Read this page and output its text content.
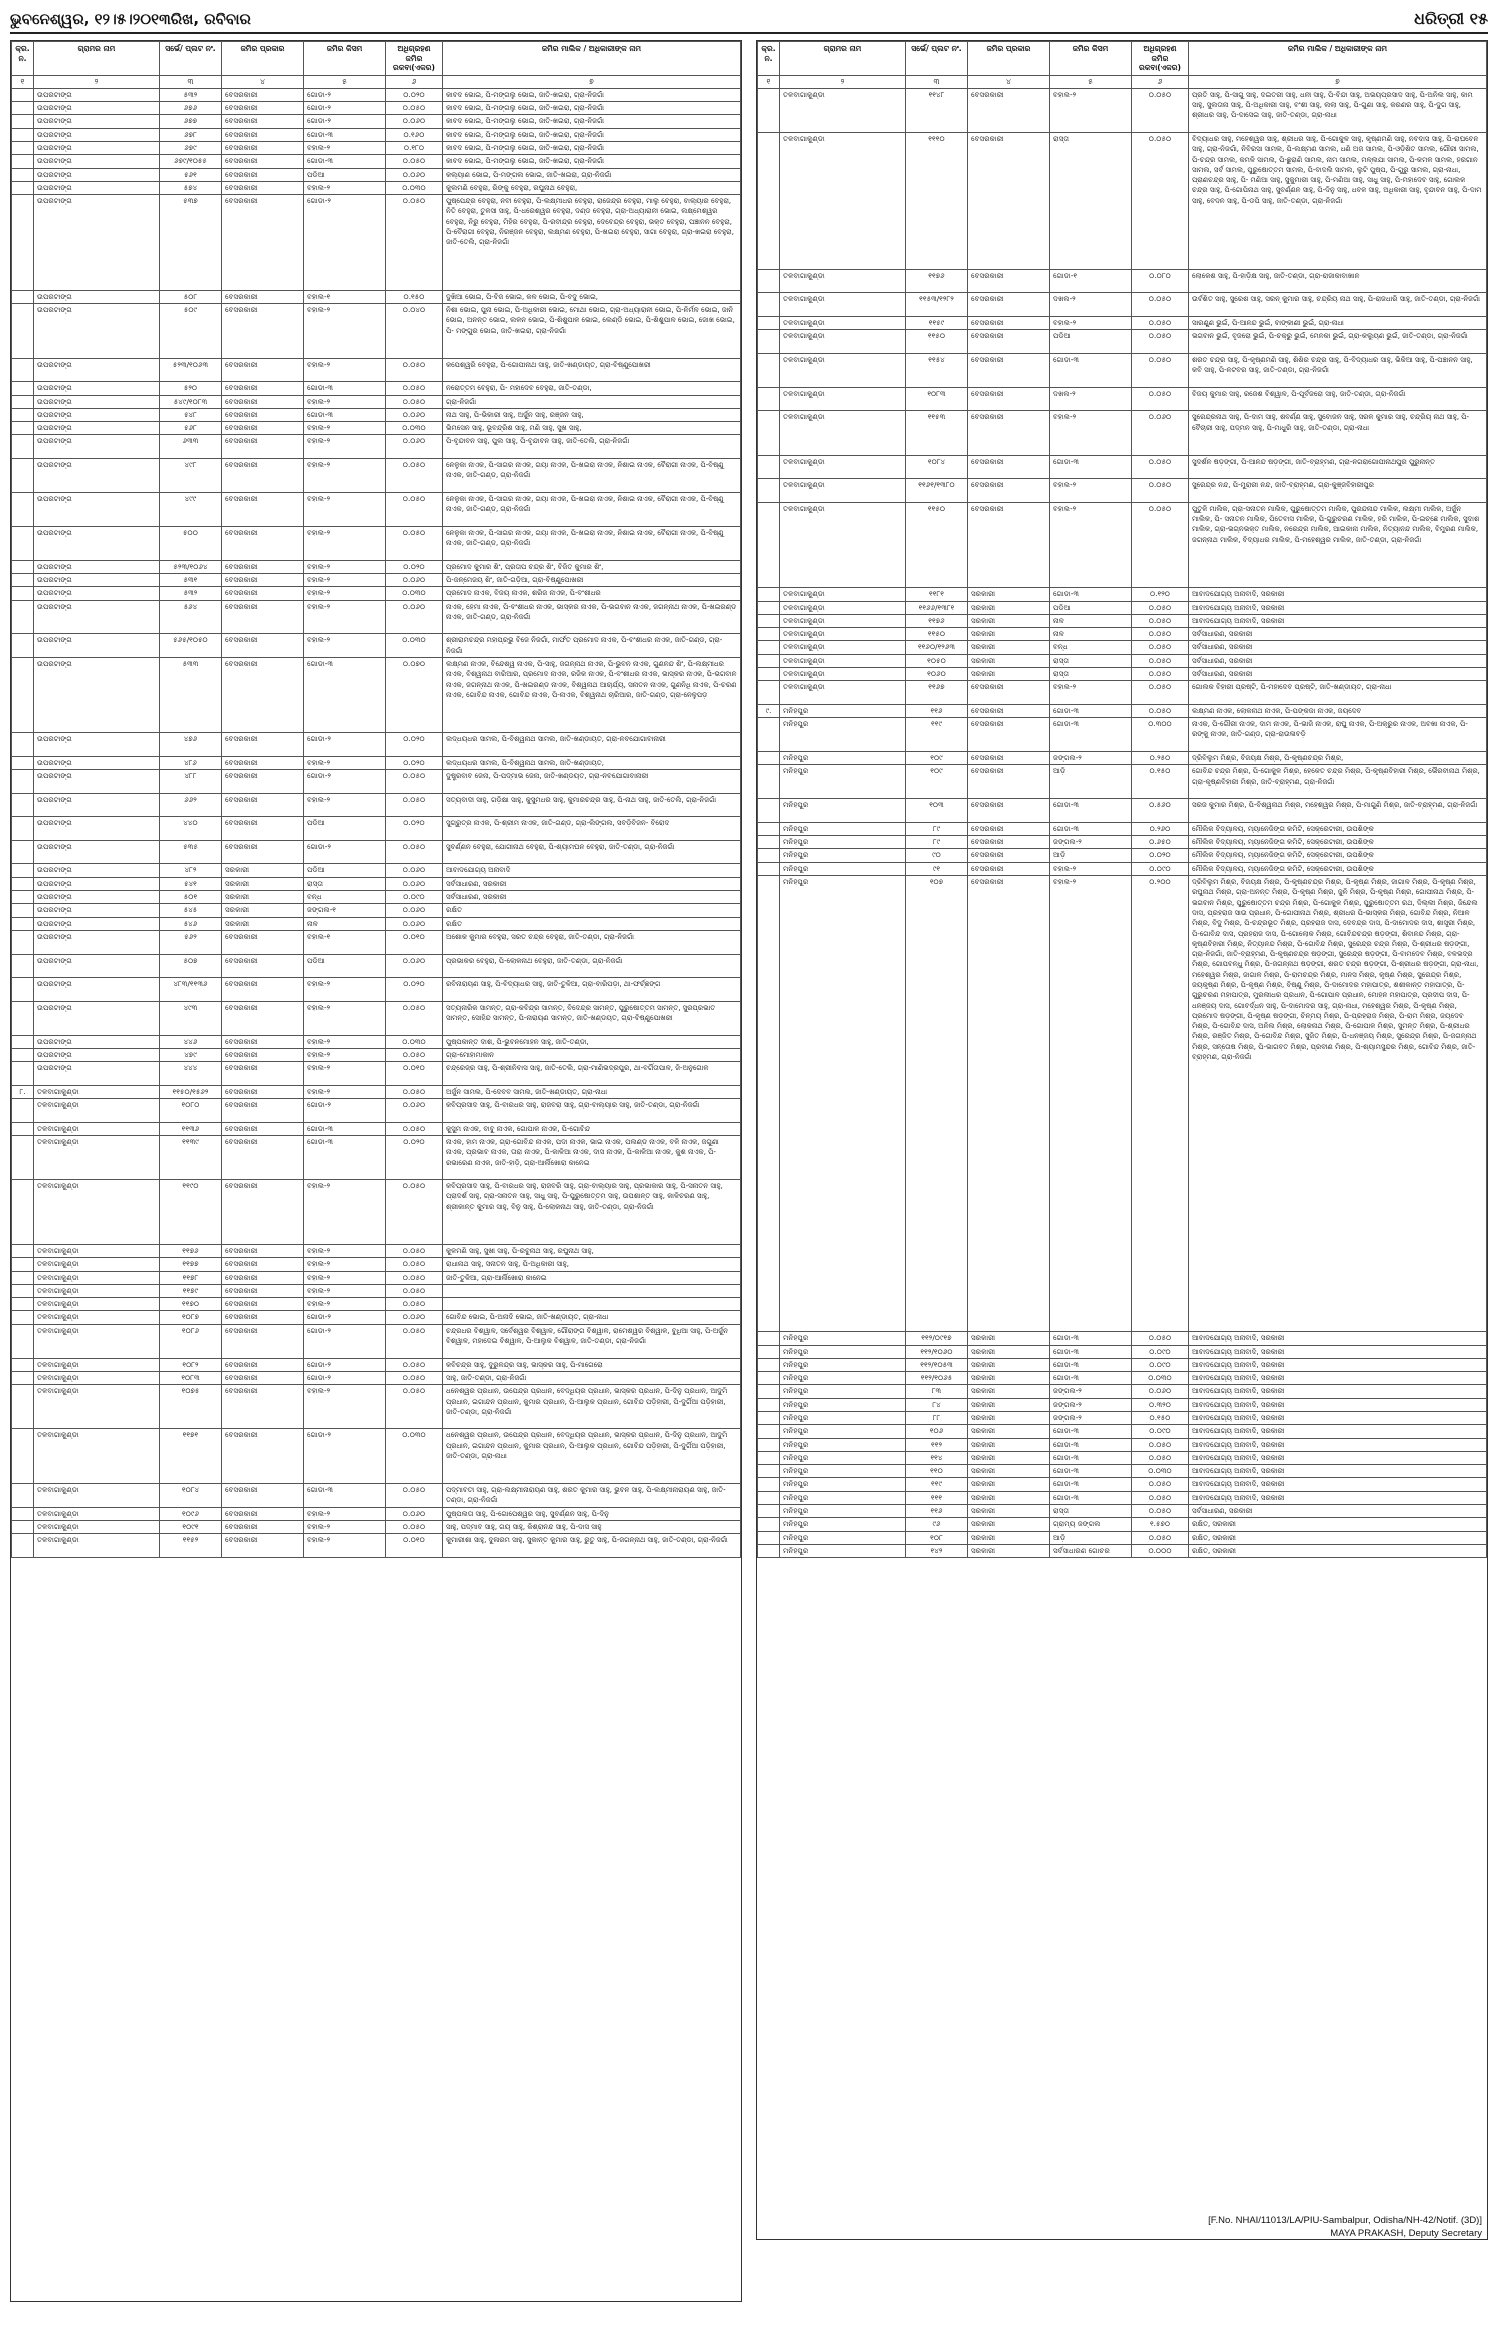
ଭୁବନେଶ୍ୱର, ୧୨।୫।୨୦୧୩ରିଖ, ରବିବାର	ଧରିତ୍ରୀ ୧୫
କ୍ର. ନ.	ଗ୍ରାମର ନାମ	ସର୍ଭେ/ ପ୍ଲଟ ନଂ.	ଜମିର ପ୍ରକାର	ଜମିର କିସମ	ଅଧିଗ୍ରହଣ ଜମିର ରକବା(ଏକର)	ଜମିର ମାଲିକ / ଅଧିକାରୀଙ୍କ ନାମ
୧	୨	୩	୪	୫	୬	୭
	ଉପରଟାଙ୍ଗ	୫୩୨	ବେସରକାରୀ	ଗୋଡା-୨	୦.୦୨୦	କାବଦ ଭୋଇ, ପି-ମଙ୍ଗଲୁ ଭୋଇ, ଜାତି-ଖଇରା, ଗ୍ରା-ନିଜଗାଁ
	ଉପରଟାଙ୍ଗ	୬୭୬	ବେସରକାରୀ	ଗୋଡା-୨	୦.୦୫୦	କାବଦ ଭୋଇ, ପି-ମଙ୍ଗଲୁ ଭୋଇ, ଜାତି-ଖଇରା, ଗ୍ରା-ନିଜଗାଁ
	ଉପରଟାଙ୍ଗ	୬୭୭	ବେସରକାରୀ	ଗୋଡା-୨	୦.୦୬୦	କାବଦ ଭୋଇ, ପି-ମଙ୍ଗଲୁ ଭୋଇ, ଜାତି-ଖଇରା, ଗ୍ରା-ନିଜଗାଁ
	ଉପରଟାଙ୍ଗ	୬୭୮	ବେସରକାରୀ	ଗୋଡା-୩	୦.୧୬୦	କାବଦ ଭୋଇ, ପି-ମଙ୍ଗଲୁ ଭୋଇ, ଜାତି-ଖଇରା, ଗ୍ରା-ନିଜଗାଁ
	ଉପରଟାଙ୍ଗ	୬୭୯	ବେସରକାରୀ	ବହାଲ-୨	୦.୧୮୦	କାବଦ ଭୋଇ, ପି-ମଙ୍ଗଲୁ ଭୋଇ, ଜାତି-ଖଇରା, ଗ୍ରା-ନିଜଗାଁ
	ଉପରଟାଙ୍ଗ	୬୭୯/୧୦୫୫	ବେସରକାରୀ	ଗୋଡା-୩	୦.୦୫୦	କାବଦ ଭୋଇ, ପି-ମଙ୍ଗଲୁ ଭୋଇ, ଜାତି-ଖଇରା, ଗ୍ରା-ନିଜଗାଁ
	ଉପରଟାଙ୍ଗ	୫୬୧	ବେସରକାରୀ	ପଡିଆ	୦.୦୬୦	କଲ୍ୟାଣ ଭୋଇ, ପି-ମଙ୍ଗଲ ଭୋଇ, ଜାତି-ଖଇରା, ଗ୍ରା-ନିଜଗାଁ
	ଉପରଟାଙ୍ଗ	୫୭୪	ବେସରକାରୀ	ବହାଲ-୨	୦.୦୩୦	କୁଲମଣି ବେହୁରା, ରିଙ୍କୁ ବେହୁରା, ରଘୁନାଥ ବେହୁରା,
	ଉପରଟାଙ୍ଗ	୫୩୭	ବେସରକାରୀ	ଗୋଡା-୨	୦.୦୫୦	ପୁଷ୍ପେନ୍ଦ୍ର ବେହୁରା, ନବୀ ବେହୁରା, ପି-ଲକ୍ଷ୍ମୀଧର ବେହୁରା, ରାଜେନ୍ଦ୍ର ବେହୁରା, ମାଲୁ ବେହୁରା, ବାଲ୍ୟାର ବେହୁରା, ନିତି ବେହୁରା, ତୁଳସୀ ସାହୁ, ପି-ଧରେଶ୍ୱର ବେହୁରା, ଦଣ୍ଡ ବେହୁରା, ଗ୍ରା-ଅଧ୍ୟାରାନୀ ଭୋଇ, ଲକ୍ଷ୍ମେଶ୍ୱର ବେହୁରା, ନିରୁ ବେହୁରା, ମିହିର ବେହୁରା, ପି-ରବୀନ୍ଦ୍ର ବେହୁରା, ଦେବେନ୍ଦ୍ର ବେହୁରା, ଭକ୍ତ ବେହୁରା, ପଞ୍ଚାନନ ବେହୁରା, ପି-ବୈରାଗୀ ବେହୁରା, ନିରଞ୍ଜନ ବେହୁରା, ଲକ୍ଷ୍ମଣ ବେହୁରା, ପି-ଖଇରା ବେହୁରା, ସାଗା ବେହୁରା, ଗ୍ରା-ଖଇରା ବେହୁରା, ଜାତି-ତେଲି, ଗ୍ରା-ନିଜଗାଁ
	ଉପରଟାଙ୍ଗ	୫୦୮	ବେସରକାରୀ	ବହାଲ-୧	୦.୧୫୦	ଦୁଖିଆ ଭୋଇ, ପି-ବିଜ ଭୋଇ, କଳ ଭୋଇ, ପି-ବଦୁ ଭୋଇ,
	ଉପରଟାଙ୍ଗ	୫୦୯	ବେସରକାରୀ	ବହାଲ-୨	୦.୦୪୦	ନିଶା ଭୋଇ, ପୁନା ଭୋଇ, ପି-ଅଧିକାରୀ ଭୋଇ, ମୋଥା ଭୋଇ, ଗ୍ରା-ଅଧ୍ୟାରାନୀ ଭୋଇ, ପି-ନିର୍ମଳ ଭୋଇ, ଜାନି ଭୋଇ, ଅନନ୍ତ ଭୋଇ, ଲଳନ ଭୋଇ, ପି-ଶିଶୁପାଳ ଭୋଇ, ଲେଣ୍ଡି ଭୋଇ, ପି-ଶିଶୁପାଳ ଭୋଇ, ଜୋଖ ଭୋଇ, ପି- ମଙ୍ଗୁର ଭୋଇ, ଜାତି-ଖଇରା, ଗ୍ରା-ନିଜଗାଁ
	ଉପରଟାଙ୍ଗ	୫୨୩/୧୦୬୩	ବେସରକାରୀ	ବହାଲ-୨	୦.୦୫୦	କପେଶ୍ୱରି ବେହୁରା, ପି-ଗୋପୀନାଥ ସାହୁ, ଜାତି-ଖଣ୍ଡାୟତ, ଗ୍ରା-ବିଷ୍ଣୁପୋଖରୀ
	ଉପରଟାଙ୍ଗ	୫୨୦	ବେସରକାରୀ	ଗୋଡା-୩	୦.୦୫୦	ନରୋତ୍ତମ ବେହୁରା, ପି- ମହାଦେବ ବେହୁରା, ଜାତି-ତଣ୍ଡା,
	ଉପରଟାଙ୍ଗ	୫୪୯/୧୦୮୩	ବେସରକାରୀ	ବହାଲ-୨	୦.୦୫୦	ଗ୍ରା-ନିଜଗାଁ
	ଉପରଟାଙ୍ଗ	୫୪୮	ବେସରକାରୀ	ଗୋଡା-୩	୦.୦୬୦	ନାଥ ସାହୁ, ପି-ଭିକାରୀ ସାହୁ, ଅର୍ଜୁନ ସାହୁ, ରଞ୍ଜନ ସାହୁ,
	ଉପରଟାଙ୍ଗ	୫୬୮	ବେସରକାରୀ	ବହାଲ-୨	୦.୦୩୦	ଭିମସେନ ସାହୁ, ଭୂବନ୍ଦ୍ରିଶ ସାହୁ, ମଣି ସାହୁ, ସୁଖ ସାହୁ,
	ଉପରଟାଙ୍ଗ	୬୩୩	ବେସରକାରୀ	ବହାଲ-୨	୦.୦୬୦	ପି-ବୃନ୍ଦାବନ ସାହୁ, ପୁଲ ସାହୁ, ପି-ବୃନ୍ଦାବନ ସାହୁ, ଜାତି-ତେଲି, ଗ୍ରା-ନିଜଗାଁ
	ଉପରଟାଙ୍ଗ	୪୯୮	ବେସରକାରୀ	ବହାଲ-୨	୦.୦୫୦	ନେଳୁକା ନାଏକ, ପି-ସାଗର ନାଏକ, ଗୟା ନାଏକ, ପି-ଖଇରା ନାଏକ, ନିଶାଇ ନାଏକ, ବୈରାଗୀ ନାଏକ, ପି-ବିଷ୍ଣୁ ନାଏକ, ଜାତି-ଗଣ୍ଡ, ଗ୍ରା-ନିଜଗାଁ
	ଉପରଟାଙ୍ଗ	୪୯୯	ବେସରକାରୀ	ବହାଲ-୨	୦.୦୫୦	ନେଳୁକା ନାଏକ, ପି-ସାଗର ନାଏକ, ଗୟା ନାଏକ, ପି-ଖଇରା ନାଏକ, ନିଶାଇ ନାଏକ, ବୈରାଗୀ ନାଏକ, ପି-ବିଷ୍ଣୁ ନାଏକ, ଜାତି-ଗଣ୍ଡ, ଗ୍ରା-ନିଜଗାଁ
	ଉପରଟାଙ୍ଗ	୫୦୦	ବେସରକାରୀ	ବହାଲ-୨	୦.୦୫୦	ନେଳୁକା ନାଏକ, ପି-ସାଗର ନାଏକ, ଗୟା ନାଏକ, ପି-ଖଇରା ନାଏକ, ନିଶାଇ ନାଏକ, ବୈରାଗୀ ନାଏକ, ପି-ବିଷ୍ଣୁ ନାଏକ, ଜାତି-ଗଣ୍ଡ, ଗ୍ରା-ନିଜଗାଁ
	ଉପରଟାଙ୍ଗ	୫୨୩/୧୦୬୪	ବେସରକାରୀ	ବହାଲ-୨	୦.୦୨୦	ପ୍ରମୋଦ କୁମାର ଶିଂ, ପ୍ରତାପ ଚନ୍ଦ୍ର ଶିଂ, ବିଜିତ କୁମାର ଶିଂ,
	ଉପରଟାଙ୍ଗ	୫୩୧	ବେସରକାରୀ	ବହାଲ-୨	୦.୦୬୦	ପି-ଜନ୍ମେଜୟ ଶିଂ, ଜାତି-ଗଡ଼ିଆ, ଗ୍ରା-ବିଷ୍ଣୁପୋଖରୀ
	ଉପରଟାଙ୍ଗ	୫୩୨	ବେସରକାରୀ	ବହାଲ-୨	୦.୦୩୦	ପ୍ରମୋଦ ନାଏକ, ବିଜୟ ନାଏକ, ଶରିଜ ନାଏକ, ପି-ବଂଶୀଧର
	ଉପରଟାଙ୍ଗ	୫୬୪	ବେସରକାରୀ	ବହାଲ-୨	୦.୦୬୦	ନାଏକ, ହେମା ନାଏକ, ପି-ବଂଶୀଧର ନାଏକ, ଭାସ୍କର ନାଏକ, ପି-ଭଗବାନ ନାଏକ, ଜଗନ୍ନାଥ ନାଏକ, ପି-ଖଇରଣ୍ଡ ନାଏକ, ଜାତି-ଗଣ୍ଡ, ଗ୍ରା-ନିଜଗାଁ
	ଉପରଟାଙ୍ଗ	୫୬୫/୧୦୫୦	ବେସରକାରୀ	ବହାଲ-୨	୦.୦୩୦	ଶ୍ରୀରାମଚନ୍ଦ୍ର ମହାପ୍ରଭୁ ବିଜେ ନିଜଗାଁ, ମାର୍ଫତ ପ୍ରମୋଦ ନାଏକ, ପି-ବଂଶୀଧର ନାଏକ, ଜାତି-ଗଣ୍ଡ, ଗ୍ରା-ନିଜଗାଁ
	ଉପରଟାଙ୍ଗ	୫୩୩	ବେସରକାରୀ	ଗୋଡା-୩	୦.୦୭୦	ଲକ୍ଷ୍ମଣ ନାଏକ, ବିନ୍ଦେଶ୍ୱ ନାଏକ, ପି-ସାହୁ, ଜଗନ୍ନାଥ ନାଏକ, ପି-ଭୁବନ ନାଏକ, ଗୁଣନନ୍ଦ ଶିଂ, ପି-ଲକ୍ଷ୍ମୀଧର ନାଏକ, ବିଶ୍ୱନାଥ ବାରିଆର, ପ୍ରମୋଦ ନାଏକ, ରଜିକ ନାଏକ, ପି-ବଂଶୀଧର ନାଏକ, ଭାସ୍କର ନାଏକ, ପି-ଭଗବାନ ନାଏକ, ଜଗନ୍ନାଥ ନାଏକ, ପି-ଖଇରଣ୍ଡ ନାଏକ, ବିଶ୍ୱନାଥ ଆଚାର୍ଯ୍ୟ, ସନାତନ ନାଏକ, ଗୁଣନିଧି ନାଏକ, ପି-ଚରଣ ନାଏକ, ଗୋବିନ୍ଦ ନାଏକ, ଗୋବିନ୍ଦ ନାଏକ, ପି-ନାଏକ, ବିଶ୍ୱନାଥ ଚାରିଆର, ଜାତି-ଗଣ୍ଡ, ଗ୍ରା-ନେଳୁପଡ଼
	ଉପରଟାଙ୍ଗ	୪୭୬	ବେସରକାରୀ	ଗୋଡା-୨	୦.୦୨୦	ଲଦ୍ଧୟଧର ସାମଲ, ପି-ବିଶ୍ୱନାଥ ସାମଲ, ଜାତି-ଖଣ୍ଡାୟତ, ଗ୍ରା-ନବଯୋଗାବାନାରୀ
	ଉପରଟାଙ୍ଗ	୪୮୬	ବେସରକାରୀ	ବହାଲ-୨	୦.୦୨୦	ଲଦ୍ଧୟଧର ସାମଲ, ପି-ବିଶ୍ୱନାଥ ସାମଲ, ଜାତି-ଖଣ୍ଡାୟତ,
	ଉପରଟାଙ୍ଗ	୪୮୮	ବେସରକାରୀ	ଗୋଡା-୨	୦.୦୫୦	ଦୁଷ୍ଟ୍ରବାବ ଜେନା, ପି-ପଦ୍ମାଭ ଜେନା, ଜାତି-ଖଣ୍ଡୟତ, ଗ୍ରା-ନବଯୋଗାବାନାରୀ
	ଉପରଟାଙ୍ଗ	୬୬୨	ବେସରକାରୀ	ବହାଲ-୨	୦.୦୫୦	ସତ୍ୟବାଦୀ ସାହୁ, ଗଡ଼ିକ୍ଷା ସାହୁ, କୁସୁମଧର ସାହୁ, କୁମାରଚନ୍ଦ୍ର ସାହୁ, ପି-ନାଥ ସାହୁ, ଜାତି-ତେଲି, ଗ୍ରା-ନିଜଗାଁ
	ଉପରଟାଙ୍ଗ	୪୪୦	ବେସରକାରୀ	ପଡିଆ	୦.୦୨୦	ସୁଗ୍ରୁତ୍ର ନାଏକ, ପି-ଶ୍ରୀମ ନାଏକ, ଜାତି-ଗଣ୍ଡ, ଗ୍ରା-ଲିଙ୍ଗଲ, ସବଡ଼ିବିଜନ- ବିରୋଦ
	ଉପରଟାଙ୍ଗ	୫୩୫	ବେସରକାରୀ	ଗୋଡା-୨	୦.୦୫୦	ସୁବର୍ଣ୍ଣନ ବେହୁରା, ଯୋଗୀନାଥ ବେହୁରା, ପି-ଶ୍ୟାମଘନ ବେହୁରା, ଜାତି-ତଣ୍ଡା, ଗ୍ରା-ନିଜଗାଁ
	ଉପରଟାଙ୍ଗ	୪୮୨	ସରକାରୀ	ପଡିଆ	୦.୦୬୦	ଆବାଦଯୋଗ୍ୟ ଅନାବାଦି
	ଉପରଟାଙ୍ଗ	୫୪୧	ସରକାରୀ	ରାସ୍ତା	୦.୦୬୦	ସର୍ବସାଧାରଣ, ସରକାରୀ
	ଉପରଟାଙ୍ଗ	୫୦୧	ସରକାରୀ	ବନ୍ଧ	୦.୦୯୦	ସର୍ବସାଧାରଣ, ସରକାରୀ
	ଉପରଟାଙ୍ଗ	୫୪୫	ସରକାରୀ	ଜଙ୍ଗଲ-୧	୦.୦୬୦	ରକ୍ଷିତ
	ଉପରଟାଙ୍ଗ	୫୪୬	ସରକାରୀ	ନାଳ	୦.୦୬୦	ରକ୍ଷିତ
	ଉପରଟାଙ୍ଗ	୫୬୨	ବେସରକାରୀ	ବହାଲ-୧	୦.୦୧୦	ଅଶୋକ କୁମାର ବେହୁରା, ସରତ ଚନ୍ଦ୍ର ବେହୁରା, ଜାତି-ତଣ୍ଡା, ଗ୍ରା-ନିଜଗାଁ
	ଉପରଟାଙ୍ଗ	୫୦୭	ବେସରକାରୀ	ପଡିଆ	୦.୦୬୦	ପ୍ରଭାକର ବେହୁରା, ପି-ଲୋକନାଥ ବେହୁରା, ଜାତି-ତଣ୍ଡା, ଗ୍ରା-ନିଜଗାଁ
	ଉପରଟାଙ୍ଗ	୪୮୩/୧୧୩୬	ବେସରକାରୀ	ବହାଲ-୨	୦.୦୨୦	ରବିନାରାୟଣ ସାହୁ, ପି-ବିଦ୍ୟାଧର ସାହୁ, ଜାତି-ତୁଳିଆ, ଗ୍ରା-ବାରିପଡ଼ା, ଥା-ଫର୍ଚ୍ଛଙ୍ଗ
	ଉପରଟାଙ୍ଗ	୪୯୩	ବେସରକାରୀ	ବହାଲ-୨	୦.୦୫୦	ସତ୍ୟନାରିକ ସାମନ୍ତ, ଗ୍ରା-କବିନ୍ଦ୍ର ସାମନ୍ତ, ବିଦେନ୍ଦ୍ର ସାମନ୍ତ, ପୁରୁଷୋତ୍ତମ ସାମନ୍ତ, ସୁରପ୍ରଭାତ ସାମନ୍ତ, ସୋହିନ୍ଦ ସାମନ୍ତ, ପି-ନାରାୟଣ ସାମନ୍ତ, ଜାତି-ଖଣ୍ଡୟତ, ଗ୍ରା-ବିଷ୍ଣୁପୋଖରୀ
	ଉପରଟାଙ୍ଗ	୪୪୬	ବେସରକାରୀ	ବହାଲ-୨	୦.୦୩୦	ପୁଷ୍ପକାନ୍ତ ଦାଶ, ପି-ଭୁବନମୋହନ ସାହୁ, ଜାତି-ତଣ୍ଡା,
	ଉପରଟାଙ୍ଗ	୪୭୯	ବେସରକାରୀ	ବହାଲ-୨	୦.୦୫୦	ଗ୍ରା-ମୋହାମାକାନ
	ଉପରଟାଙ୍ଗ	୪୪୪	ବେସରକାରୀ	ବହାଲ-୨	୦.୦୧୦	ଚନ୍ଦ୍ରେଜ୍ର ସାହୁ, ପି-ଶ୍ରୀନିବାସ ସାହୁ, ଜାତି-ତେଲି, ଗ୍ରା-ମାଣିଭଦ୍ରପୁର, ଥା-ବର୍ଗିତାପାଳ, ଜି-ଅନୁଗୋଳ
୮.	ତଳବାଗାକୁଣ୍ଡା	୧୧୫୦/୧୫୬୨	ବେସରକାରୀ	ବହାଲ-୨	୦.୦୫୦	ଅର୍ଜୁନ ସାମଲ, ପି-ଦେବବ ସାମଲ, ଜାତି-ଖଣ୍ଡାୟତ, ଗ୍ରା-ନାଧା
	ତଳବାଗାକୁଣ୍ଡା	୧୦୮୦	ବେସରକାରୀ	ଗୋଡା-୨	୦.୦୬୦	କବିପ୍ରସାଦ ସାହୁ, ପି-ବାରଧର ସାହୁ, ରାଜବରା ସାହୁ, ଗ୍ରା-ବାଲ୍ୟାର ସାହୁ, ଜାତି-ତଣ୍ଡା, ଗ୍ରା-ନିଜଗାଁ
	ତଳବାଗାକୁଣ୍ଡା	୧୧୩୬	ବେସରକାରୀ	ଗୋଡା-୩	୦.୦୫୦	କୁସୁମ ନାଏକ, ବାବୁ ନାଏକ, ଗୋପାଳ ନାଏକ, ପି-ଗୋବିନ୍ଦ
	ତଳବାଗାକୁଣ୍ଡା	୧୧୩୯	ବେସରକାରୀ	ଗୋଡା-୩	୦.୦୨୦	ନାଏକ, ହାମ ନାଏକ, ଗ୍ରା-ଗୋବିନ୍ଦ ନାଏକ, ପଦା ନାଏକ, ଭାଇ ନାଏକ, ପଲଣ୍ଡ ନାଏକ, ବଳି ନାଏକ, ଜଗୁଣା ନାଏକ, ପ୍ରଭାବ ନାଏକ, ତାରା ନାଏକ, ପି-କାଳିଆ ନାଏକ, ଦାସ ନାଏକ, ପି-କାଳିଆ ନାଏକ, କୁଶ ନାଏକ, ପି-ରଭାରେଣ ନାଏକ, ଜାତି-ହାଡ଼ି, ଗ୍ରା-ଆର୍ଲିଖୋରା କାନେଇ
	ତଳବାଗାକୁଣ୍ଡା	୧୧୯୦	ବେସରକାରୀ	ବହାଲ-୨	୦.୦୫୦	କବିପ୍ରସାଦ ସାହୁ, ପି-ବାରଧର ସାହୁ, ରାଜବରି ସାହୁ, ଗ୍ରା-ବାଲ୍ୟାର ସାହୁ, ପ୍ରଭାକାର ସାହୁ, ପି-ସନାତନ ସାହୁ, ପ୍ରାଦର୍ଶ ସାହୁ, ଗ୍ରା-ସନାତନ ସାହୁ, ସାଧୁ ସାହୁ, ପି-ପୁରୁଷୋତ୍ତମ ସାହୁ, ଉପଶାନ୍ତ ସାହୁ, କାଳିଚରଣ ସାହୁ, ଶ୍ରୀକାନ୍ତ କୁମାର ସାହୁ, ବିନୁ ସାହୁ, ପି-ଲୋକନାଥ ସାହୁ, ଜାତି-ତଣ୍ଡା, ଗ୍ରା-ନିଜଗାଁ
	ତଳବାଗାକୁଣ୍ଡା	୧୧୭୬	ବେସରକାରୀ	ବହାଲ-୨	୦.୦୫୦	କୁଳମଣି ସାହୁ, ସୁଖୀ ସାହୁ, ପି-ରବୁନାଥ ସାହୁ, ରଘୁନାଥ ସାହୁ,
	ତଳବାଗାକୁଣ୍ଡା	୧୧୭୭	ବେସରକାରୀ	ବହାଲ-୨	୦.୦୫୦	ରାଧାନାଥ ସାହୁ, ସନାତନ ସାହୁ, ପି-ଅଧିକାରୀ ସାହୁ,
	ତଳବାଗାକୁଣ୍ଡା	୧୧୭୮	ବେସରକାରୀ	ବହାଲ-୨	୦.୦୫୦	ଜାତି-ତୁଳିଆ, ଗ୍ରା-ଆର୍ଲିଖୋରା କାନେଇ
	ତଳବାଗାକୁଣ୍ଡା	୧୧୭୯	ବେସରକାରୀ	ବହାଲ-୨	୦.୦୫୦	
	ତଳବାଗାକୁଣ୍ଡା	୧୧୭୦	ବେସରକାରୀ	ବହାଲ-୨	୦.୦୫୦	
	ତଳବାଗାକୁଣ୍ଡା	୧୦୮୭	ବେସରକାରୀ	ଗୋଡା-୨	୦.୦୬୦	ଗୋବିନ୍ଦ ଭୋଇ, ପି-ଅନାଦି ଭୋଇ, ଜାତି-ଖଣ୍ଡାୟତ, ଗ୍ରା-ନାଧା
	ତଳବାଗାକୁଣ୍ଡା	୧୦୮୬	ବେସରକାରୀ	ଗୋଡା-୨	୦.୦୫୦	ଚନ୍ଦ୍ରଧର ବିଶ୍ୱାଳ, ସର୍ବେଶ୍ୱର ବିଶ୍ୱାଳ, ଗୌରାଙ୍ଗ ବିଶ୍ୱାଳ, ରାମେଶ୍ୱର ବିଶ୍ୱାଳ, ବୁଧିଆ ସାହୁ, ପି-ଅର୍ଜୁନ ବିଶ୍ୱାଳ, ମହାଦେଇ ବିଶ୍ୱାଳ, ପି-ଆଲୁକ ବିଶ୍ୱାଳ, ଜାତି-ତଣ୍ଡା, ଗ୍ରା-ନିଜଗାଁ
	ତଳବାଗାକୁଣ୍ଡା	୧୦୮୨	ବେସରକାରୀ	ଗୋଡା-୨	୦.୦୫୦	କବିଚନ୍ଦ୍ର ସାହୁ, ଦୁରୁଳନ୍ଦ୍ର ସାହୁ, ଭାସ୍କର ସାହୁ, ପି-ମାଗେରୋ
	ତଳବାଗାକୁଣ୍ଡା	୧୦୮୩	ବେସରକାରୀ	ଗୋଡା-୨	୦.୦୫୦	ସାହୁ, ଜାତି-ତଣ୍ଡା, ଗ୍ରା-ନିଜଗାଁ
	ତଳବାଗାକୁଣ୍ଡା	୧୦୭୫	ବେସରକାରୀ	ବହାଲ-୨	୦.୦୫୦	ଧନେଶ୍ୱର ପ୍ରଧାନ, ଉପେନ୍ଦ୍ର ପ୍ରଧାନ, ବେଦ୍ଧିୟର ପ୍ରଧାନ, ଭାସ୍କର ପ୍ରଧାନ, ପି-ଦିନୁ ପ୍ରଧାନ, ଆଦୁମି ପ୍ରଧାନ, ଇଗାନ୍ଦନ ପ୍ରଧାନ, କୁମାର ପ୍ରଧାନ, ପି-ଆଲୁକ ପ୍ରଧାନ, ଗୋବିନ୍ଦ ପଡ଼ିହାରୀ, ପି-ଦୁର୍ଗିଆ ପଡ଼ିହାରୀ, ଜାତି-ତଣ୍ଡା, ଗ୍ରା-ନିଜଗାଁ
	ତଳବାଗାକୁଣ୍ଡା	୧୧୭୧	ବେସରକାରୀ	ଗୋଡା-୨	୦.୦୩୦	ଧନେଶ୍ୱର ପ୍ରଧାନ, ଉପେନ୍ଦ୍ର ପ୍ରଧାନ, ବେଦ୍ଧିୟର ପ୍ରଧାନ, ଭାସ୍କର ପ୍ରଧାନ, ପି-ଦିନୁ ପ୍ରଧାନ, ଆଦୁମି ପ୍ରଧାନ, ଇଗାନ୍ଦନ ପ୍ରଧାନ, କୁମାର ପ୍ରଧାନ, ପି-ଆଲୁକ ପ୍ରଧାନ, ଗୋବିନ୍ଦ ପଡ଼ିହାରୀ, ପି-ଦୁର୍ଗିଆ ପଡ଼ିହାରୀ, ଜାତି-ତଣ୍ଡା, ଗ୍ରା-ନାଧା
	ତଳବାଗାକୁଣ୍ଡା	୧୦୮୪	ବେସରକାରୀ	ଗୋଡା-୩	୦.୦୫୦	ପଦ୍ମାବତୀ ସାହୁ, ଗ୍ରା-ଲକ୍ଷ୍ମୀନାରାୟଣ ସାହୁ, ଶରତ କୁମାର ସାହୁ, ଭୁବନ ସାହୁ, ପି-ଲକ୍ଷ୍ମୀନାରାୟଣ ସାହୁ, ଜାତି-ତଣ୍ଡା, ଗ୍ରା-ନିଜଗାଁ
	ତଳବାଗାକୁଣ୍ଡା	୧୦୯୬	ବେସରକାରୀ	ବହାଲ-୨	୦.୦୬୦	ପୁଷ୍ପଲତା ସାହୁ, ପି-ଗୋପେଶ୍ୱର ସାହୁ, ସୁବର୍ଣ୍ଣନ ସାହୁ, ପି-ଦିନୁ
	ତଳବାଗାକୁଣ୍ଡା	୧୦୯୧	ବେସରକାରୀ	ବହାଲ-୨	୦.୦୫୦	ସାହୁ, ପଦ୍ମାବ ସାହୁ, ଗୟ ସାହୁ, କିଶ୍ରାନନ୍ଦ ସାହୁ, ପି-ଦାସ ସାହୁ
	ତଳବାଗାକୁଣ୍ଡା	୧୧୫୨	ବେସରକାରୀ	ବହାଲ-୨	୦.୦୧୦	କୁମାରୀଶା ସାହୁ, ଦୁଳାରମ ସାହୁ, ସୁକାନ୍ତ କୁମାର ସାହୁ, ରୁତୁ ସାହୁ, ପି-ଜଗନ୍ନାଥ ସାହୁ, ଜାତି-ତଣ୍ଡା, ଗ୍ରା-ନିଜଗାଁ
କ୍ର. ନ.	ଗ୍ରାମର ନାମ	ସର୍ଭେ/ ପ୍ଲଟ ନଂ.	ଜମିର ପ୍ରକାର	ଜମିର କିସମ	ଅଧିଗ୍ରହଣ ଜମିର ରକବା(ଏକର)	ଜମିର ମାଲିକ / ଅଧିକାରୀଙ୍କ ନାମ
୧	୨	୩	୪	୫	୬	୭
	ତଳବାଗାକୁଣ୍ଡା	୧୧୪୮	ବେସରକାରୀ	ବହାଲ-୨	୦.୦୫୦	ପ୍ରତି ସାହୁ, ପି-ସାଗୁ ସାହୁ, ଦଇତରୀ ସାହୁ, ଧନୀ ସାହୁ, ପି-ବିନ୍ଦା ସାହୁ, ଅଭୟପ୍ରସାଦ ସାହୁ, ପି-ଅନିଲ ସାହୁ, କାମ ସାହୁ, ସୁଲତାନା ସାହୁ, ପି-ଅଧିକାରୀ ସାହୁ, ବଂଶୀ ସାହୁ, ଲଲା ସାହୁ, ପି-ଗୁଣା ସାହୁ, କରଣର ସାହୁ, ପି-ଦୁଗ ସାହୁ, ଶ୍ରୀଧର ସାହୁ, ପି-ଦାସେଇ ସାହୁ, ଜାତି-ତଣ୍ଡା, ଗ୍ରା-ନାଧା
	ତଳବାଗାକୁଣ୍ଡା	୧୧୧୦	ବେସରକାରୀ	ରାସ୍ତା	୦.୦୫୦	ବିଦ୍ୟାଧର ସାହୁ, ମହେଶ୍ୱର ସାହୁ, ଶ୍ରୀଧର ସାହୁ, ପି-ଗୋକୁଳ ସାହୁ, କୃଷ୍ଣମଣି ସାହୁ, ନବଦାସ ସାହୁ, ପି-ରାଘବେନ ସାହୁ, ଗ୍ରା-ନିଜଗାଁ, ନିବିରସା ସାମଲ, ପି-ଲକ୍ଷ୍ମଣ ସାମଲ, ଧଣି ଅଜ ସାମଲ, ପି-ଓଡ଼ିଶିତ ସାମଲ, ଗୌରୀ ସାମଲ, ପି-ଚନ୍ଦ୍ର ସାମଲ, କମଳି ସାମଲ, ପି-ଛୁରାଣି ସାମଲ, ନାମ ସାମଲ, ମଳ୍ଲଯା ସାମଲ, ପି-କମଳ ସାମଲ, ହରଗାନ ସାମଲ, ସର୍ବ ସାମଲ, ପୁରୁଷୋତ୍ତମ ସାମଲ, ପି-ବାଦଲି ସାମଲ, ଲୁଟି ପୁଷ୍ପ, ପି-ଗୁରୁ ସାମଲ, ଗ୍ରା-ନାଧା, ପ୍ରାଣଚନ୍ଦ୍ର ସାହୁ, ପି- ମଣିଆ ସାହୁ, ସୁକୁମାରୀ ସାହୁ, ପି-ମଣିଆ ସାହୁ, ସାଧୁ ସାହୁ, ପି-ମହାଦେବ ସାହୁ, ଗୋଲକ ଚନ୍ଦ୍ର ସାହୁ, ପି-ଗୋପିନାଥ ସାହୁ, ସୁବର୍ଣ୍ଣନ ସାହୁ, ପି-ଦିନୁ ସାହୁ, ଧବଳ ସାହୁ, ଅଧିକାରୀ ସାହୁ, ବୃନ୍ଦାବନ ସାହୁ, ପି-ଦାମ ସାହୁ, ବେଦନ ସାହୁ, ପି-ଡପି ସାହୁ, ଜାତି-ତଣ୍ଡା, ଗ୍ରା-ନିଜଗାଁ
	ତଳବାଗାକୁଣ୍ଡା	୧୧୭୬	ବେସରକାରୀ	ଗୋଡା-୧	୦.୦୮୦	ଲୋକେଶ ସାହୁ, ପି-ହାଡ଼ିକ୍ଷ ସାହୁ, ଜାତି-ତଣ୍ଡା, ଗ୍ରା-ରାଜାକାବାଖାନ
	ତଳବାଗାକୁଣ୍ଡା	୧୧୫୩/୧୨୮୨	ବେସରକାରୀ	ଦଖଲ-୨	୦.୦୫୦	ଉର୍ବଶିତ ସାହୁ, ସୁରେଶ ସାହୁ, ସରନ୍ କୁମାର ସାହୁ, ଚନ୍ଦ୍ରିୟ ନାଥ ସାହୁ, ପି-ରାଜଧାରି ସାହୁ, ଜାତି-ତଣ୍ଡା, ଗ୍ରା-ନିଜଗାଁ
	ତଳବାଗାକୁଣ୍ଡା	୧୧୫୯	ବେସରକାରୀ	ବହାଲ-୨	୦.୦୫୦	ସାରଣ୍ଣ୍ଣ ଭୁଇଁ, ପି-ଆନନ୍ଦ ଭୁଇଁ, ବାଙ୍କାଣୀ ଭୁଇଁ, ଗ୍ରା-ନାଧା
	ତଳବାଗାକୁଣ୍ଡା	୧୧୫୦	ବେସରକାରୀ	ପଡିଆ	୦.୦୫୦	ଭଗବାନ ଭୁଇଁ, ବୃଜରୋ ଭୁଇଁ, ପି-ଚକ୍ରୁ ଭୁଇଁ, ମେନକା ଭୁଇଁ, ଗ୍ରା-କଲ୍ୟୁଣ ଭୁଇଁ, ଜାତି-ତଣ୍ଡା, ଗ୍ରା-ନିଜଗାଁ
	ତଳବାଗାକୁଣ୍ଡା	୧୧୫୪	ବେସରକାରୀ	ଗୋଡା-୩	୦.୦୫୦	ଶରତ ଚନ୍ଦ୍ର ସାହୁ, ପି-କୃଷ୍ଣମଣି ସାହୁ, ଶିଶିର ଚନ୍ଦ୍ର ସାହୁ, ପି-ବିଦ୍ୟାଧର ସାହୁ, ଭିକିଆ ସାହୁ, ପି-ପଞ୍ଚାନନ ସାହୁ, କବି ସାହୁ, ପି-ନଟବର ସାହୁ, ଜାତି-ତଣ୍ଡା, ଗ୍ରା-ନିଜଗାଁ
	ତଳବାଗାକୁଣ୍ଡା	୧୦୮୩	ବେସରକାରୀ	ଦଖଲ-୨	୦.୦୫୦	ବିଜୟ କୁମାର ସାହୁ, ରଜେଶ ବିଶ୍ୱାଳ, ପି-ପୂର୍ବଜରୋ ସାହୁ, ଜାତି-ତଣ୍ଡା, ଗ୍ରା-ନିଜଗାଁ
	ତଳବାଗାକୁଣ୍ଡା	୧୧୫୩	ବେସରକାରୀ	ବହାଲ-୨	୦.୦୬୦	ସୁରେନ୍ଦ୍ରନାଥ ସାହୁ, ପି-ଦାମ ସାହୁ, ଶବର୍ଣ୍ଣ ସାହୁ, ସୁବୋଜନ ସାହୁ, ସରଳ କୁମାର ସାହୁ, ଚନ୍ଦ୍ରିୟ ନାଥ ସାହୁ, ପି-ବୈଚାରୀ ସାହୁ, ପଦ୍ମନ ସାହୁ, ପି-ମାଧୁରି ସାହୁ, ଜାତି-ତଣ୍ଡା, ଗ୍ରା-ନାଧା
	ତଳବାଗାକୁଣ୍ଡା	୧୦୮୪	ବେସରକାରୀ	ଗୋଡା-୩	୦.୦୫୦	ସୁଦର୍ଶନ ଷଡ଼ଙ୍ଗୀ, ପି-ଆନନ୍ଦ ଷଡ଼ଙ୍ଗୀ, ଜାତି-ବ୍ରାହ୍ମଣ, ଗ୍ରା-ନଗରାଗୋପୀନାଥପୁର ପୁରୁନାନ୍ତ
	ତଳବାଗାକୁଣ୍ଡା	୧୧୬୧/୧୩୮୦	ବେସରକାରୀ	ବହାଲ-୨	୦.୦୫୦	ସୁରେନ୍ଦ୍ର ନନ୍ଦ, ପି-ମୁରାରୀ ନନ୍ଦ, ଜାତି-ବ୍ରାହ୍ମଣ, ଗ୍ରା-କୁଞ୍ଜବିହାରୀପୁର
	ତଳବାଗାକୁଣ୍ଡା	୧୧୫୦	ବେସରକାରୀ	ବହାଲ-୨	୦.୦୫୦	ପୁତୁଳି ମାଲିକ, ଗ୍ରା-ସନାତନ ମାଲିକ, ପୁରୁଷୋତ୍ତମ ମାଲିକ, ପୁରନ୍ଦନାନ୍ଦ ମାଲିକ, ଲକ୍ଷ୍ମୀ ମାଲିକ, ଅର୍ଜୁନ ମାଲିକ, ପି- ସନାତନ ମାଲିକ, ପିତେବାସ ମାଲିକ, ପି-ଗୁରୁଚରଣ ମାଲିକ, ହରି ମାଲିକ, ପି-ଇଚ୍ଛେ ମାଲିକ, ସୁଦାଶ ମାଲିକ, ଗ୍ରା-ଭଗ୍ନଭକ୍ତ ମାଲିକ, ନରେନ୍ଦ୍ର ମାଲିକ, ଆଇକାନା ମାଲିକ, ନିତ୍ୟାନନ୍ଦ ମାଲିକ, ବିମୁରଣ ମାଲିକ, ଜଗନ୍ନାଥ ମାଲିକ, ବିଦ୍ୟାଧର ମାଲିକ, ପି-ମହେଶ୍ୱର ମାଲିକ, ଜାତି-ତଣ୍ଡା, ଗ୍ରା-ନିଜଗାଁ
	ତଳବାଗାକୁଣ୍ଡା	୧୧୮୧	ସରକାରୀ	ଗୋଡା-୩	୦.୧୨୦	ଆବାଦଯୋଗ୍ୟ ଅନାବାଦି, ସରକାରୀ
	ତଳବାଗାକୁଣ୍ଡା	୧୧୬୬/୧୩୮୧	ସରକାରୀ	ପଡିଆ	୦.୦୫୦	ଆବାଦଯୋଗ୍ୟ ଅନାବାଦି, ସରକାରୀ
	ତଳବାଗାକୁଣ୍ଡା	୧୧୭୬	ସରକାରୀ	ନାଳ	୦.୦୫୦	ଆବାଦଯୋଗ୍ୟ ଅନାବାଦି, ସରକାରୀ
	ତଳବାଗାକୁଣ୍ଡା	୧୧୫୦	ସରକାରୀ	ନାଳ	୦.୦୫୦	ସର୍ବସାଧାରଣ, ସରକାରୀ
	ତଳବାଗାକୁଣ୍ଡା	୧୧୬୦/୧୨୬୩	ସରକାରୀ	ବନ୍ଧ	୦.୦୫୦	ସର୍ବସାଧାରଣ, ସରକାରୀ
	ତଳବାଗାକୁଣ୍ଡା	୧୦୫୦	ସରକାରୀ	ରାସ୍ତା	୦.୦୫୦	ସର୍ବସାଧାରଣ, ସରକାରୀ
	ତଳବାଗାକୁଣ୍ଡା	୧୦୬୦	ସରକାରୀ	ରାସ୍ତା	୦.୦୫୦	ସର୍ବସାଧାରଣ, ସରକାରୀ
	ତଳବାଗାକୁଣ୍ଡା	୧୧୬୭	ବେସରକାରୀ	ବହାଲ-୨	୦.୦୫୦	ଗୋଲକ ବିହାରୀ ପ୍ରଷ୍ଟି, ପି-ମହାଦେବ ପ୍ରଷ୍ଟି, ଜାତି-ଖଣ୍ଡାୟତ, ଗ୍ରା-ନାଧା
୯.	ମନିହପୁର	୧୧୬	ବେସରକାରୀ	ଗୋଡା-୩	୦.୦୫୦	ଲକ୍ଷ୍ମଣ ନାଏକ, ଲୋକନାଥ ନାଏକ, ପି-ପଙ୍କଜା ନାଏକ, ଜୟଦେବ
	ମନିହପୁର	୧୧୯	ବେସରକାରୀ	ଗୋଡା-୩	୦.୩୦୦	ନାଏକ, ପି-ଗୌରୀ ନାଏକ, ଦାମ ନାଏକ, ପି-ଭାଜି ନାଏକ, ରାଘୁ ନାଏକ, ପି-ଅକ୍ରୁର ନାଏକ, ଅବଖା ନାଏକ, ପି-ରଙ୍କୁ ନାଏକ, ଜାତି-ଗଣ୍ଡ, ଗ୍ରା-ରାଉଳାବଡ଼ି
	ମନିହପୁର	୧୦୯	ବେସରକାରୀ	ଜଙ୍ଗଲ-୨	୦.୨୫୦	ଦ୍ରିବିଲୁମ ମିଶ୍ର, ବିଜୟକ୍ଷ ମିଶ୍ର, ପି-କୃଷ୍ଣଚନ୍ଦ୍ର ମିଶ୍ର,
	ମନିହପୁର	୧୦୯	ବେସରକାରୀ	ଆଡ଼ି	୦.୧୫୦	ଗୋବିନ୍ଦ ଚନ୍ଦ୍ର ମିଶ୍ର, ପି-ଗୋକୁଳ ମିଶ୍ର, ହେକେତ ଚନ୍ଦ୍ର ମିଶ୍ର, ପି-କୃଷ୍ଣବିହାରୀ ମିଶ୍ର, ଭୈରବୀନାଥ ମିଶ୍ର, ଗ୍ରା-କୃଷ୍ଣବିହାରୀ ମିଶ୍ର, ଜାତି-ବ୍ରାହ୍ମଣ, ଗ୍ରା-ନିଜଗାଁ
	ମନିହପୁର	୧୦୩	ବେସରକାରୀ	ଗୋଡା-୩	୦.୫୬୦	ସରଜ କୁମାର ମିଶ୍ର, ପି-ବିଶ୍ୱନାଥ ମିଶ୍ର, ମହେଶ୍ୱର ମିଶ୍ର, ପି-ମାଗୁଣି ମିଶ୍ର, ଜାତି-ବ୍ରାହ୍ମଣ, ଗ୍ରା-ନିଜଗାଁ
	ମନିହପୁର	୮୯	ବେସରକାରୀ	ଗୋଡା-୩	୦.୨୬୦	ମୌଲିକ ବିଦ୍ୟାଳୟ, ମ୍ୟାନେଜିଙ୍ଗ କମିଟି, ସେକ୍ରେଟାରୀ, ଉପଶିଙ୍କ
	ମନିହପୁର	୮୯	ବେସରକାରୀ	ଜଙ୍ଗଲ-୨	୦.୬୫୦	ମୌଲିକ ବିଦ୍ୟାଳୟ, ମ୍ୟାନେଜିଙ୍ଗ କମିଟି, ସେକ୍ରେଟାରୀ, ଉପଶିଙ୍କ
	ମନିହପୁର	୯୦	ବେସରକାରୀ	ଆଡ଼ି	୦.୦୨୦	ମୌଲିକ ବିଦ୍ୟାଳୟ, ମ୍ୟାନେଜିଙ୍ଗ କମିଟି, ସେକ୍ରେଟାରୀ, ଉପଶିଙ୍କ
	ମନିହପୁର	୯୧	ବେସରକାରୀ	ବହାଲ-୨	୦.୦୯୦	ମୌଲିକ ବିଦ୍ୟାଳୟ, ମ୍ୟାନେଜିଙ୍ଗ କମିଟି, ସେକ୍ରେଟାରୀ, ଉପଶିଙ୍କ
	ମନିହପୁର	୧୦୭	ବେସରକାରୀ	ବହାଲ-୨	୦.୨୦୦	ଦ୍ରିବିଲୁମ ମିଶ୍ର, ବିଜୟକ୍ଷ ମିଶ୍ର, ପି-କୃଷ୍ଣଚନ୍ଦ୍ର ମିଶ୍ର, ପି-କୃଷ୍ଣ ମିଶ୍ର, ଜାଗାଳ ମିଶ୍ର, ପି-କୃଷ୍ଣ ମିଶ୍ର, ରଘୁନାଥ ମିଶ୍ର, ଗ୍ରା-ଅନନ୍ତ ମିଶ୍ର, ପି-କୃଷ୍ଣ ମିଶ୍ର, ଜୁନି ମିଶ୍ର, ପି-କୃଷ୍ଣ ମିଶ୍ର, ଗୋପୀନାଥ ମିଶ୍ର, ପି-ଭଗବାନ ମିଶ୍ର, ପୁରୁଷୋତ୍ତମ ଚନ୍ଦ୍ର ମିଶ୍ର, ପି-ଗୋକୁଳ ମିଶ୍ର, ପୁରୁଷୋତ୍ତମ ରଥ, ଦିଲ୍ଲୀ ମିଶ୍ର, ଜିନ୍ଦେଲ ଦାସ, ପ୍ରହରାଜ ସାଉ ପ୍ରଧାନ, ପି-ଗୋପୀନାଥ ମିଶ୍ର, ଶ୍ରୀଧର ପି-ଭାସ୍କର ମିଶ୍ର, ଗୋବିନ୍ଦ ମିଶ୍ର, ନିଆଳ ମିଶ୍ର, ବିଦୁ ମିଶ୍ର, ପି-ଚନ୍ଦ୍ରଭୂତ ମିଶ୍ର, ପ୍ରହରାଜ ଦାସ, ଦେବନ୍ଦ୍ର ଦାସ, ପି-ଦାମୋଦର ଦାସ, ଶାସ୍ତ୍ରୀ ମିଶ୍ର, ପି-ଗୋବିନ୍ଦ ଦାସ, ପ୍ରହରାଜ ଦାସ, ପି-ଗୋଲୋକ ମିଶ୍ର, ଗୋବିନ୍ଦଚନ୍ଦ୍ର ଷଡ଼ଙ୍ଗୀ, ଶିବାନନ୍ଦ ମିଶ୍ର, ଗ୍ରା-କୃଷ୍ଣବିହାରୀ ମିଶ୍ର, ନିତ୍ୟାନନ୍ଦ ମିଶ୍ର, ପି-ଗୋବିନ୍ଦ ମିଶ୍ର, ସୁରେନ୍ଦ୍ର ଚନ୍ଦ୍ର ମିଶ୍ର, ପି-ଶ୍ରୀଧର ଷଡ଼ଙ୍ଗୀ, ଗ୍ରା-ନିଜଗାଁ, ଜାତି-ବ୍ରାହ୍ମଣ, ପି-କୃଷ୍ଣଚନ୍ଦ୍ର ଷଡ଼ଙ୍ଗୀ, ସୁରେନ୍ଦ୍ର ଷଡ଼ଙ୍ଗୀ, ପି-ବାମଦେବ ମିଶ୍ର, ବଳଭଦ୍ର ମିଶ୍ର, ଗୋପବନ୍ଧୁ ମିଶ୍ର, ପି-ଜଗନ୍ନାଥ ଷଡ଼ଙ୍ଗୀ, ଶରତ ଚନ୍ଦ୍ର ଷଡ଼ଙ୍ଗୀ, ପି-ଶ୍ରୀଧର ଷଡ଼ଙ୍ଗୀ, ଗ୍ରା-ନାଧା, ମହେଶ୍ୱର ମିଶ୍ର, ଜାଗାଳ ମିଶ୍ର, ପି-ରାମଚନ୍ଦ୍ର ମିଶ୍ର, ମାନସ ମିଶ୍ର, କୃଷ୍ଣ ମିଶ୍ର, ସୁରେନ୍ଦ୍ର ମିଶ୍ର, ଜୟକୃଷ୍ଣ ମିଶ୍ର, ପି-କୃଷ୍ଣ ମିଶ୍ର, ବିଷ୍ଣୁ ମିଶ୍ର, ପି-ଦାମୋଦର ମହାପାତ୍ର, ଶଶୀକାନ୍ତ ମହାପାତ୍ର, ପି-ଗୁରୁଚରଣ ମହାପାତ୍ର, ମୁରଲୀଧର ପ୍ରଧାନ, ପି-ଗୋପାଳ ପ୍ରଧାନ, ମୋହନ ମହାପାତ୍ର, ପ୍ରଦୀପ ଦାସ, ପି-ଧନଞ୍ଜୟ ଦାସ, ଗୋବର୍ଦ୍ଧନ ସାହୁ, ପି-ଦାମୋଦର ସାହୁ, ଗ୍ରା-ନାଧା, ମହେଶ୍ୱର ମିଶ୍ର, ପି-କୃଷ୍ଣ ମିଶ୍ର, ପ୍ରମୋଦ ଷଡ଼ଙ୍ଗୀ, ପି-କୃଷ୍ଣ ଷଡ଼ଙ୍ଗୀ, ଚିନ୍ମୟ ମିଶ୍ର, ପି-ପ୍ରହରାଜ ମିଶ୍ର, ପି-ରାମ ମିଶ୍ର, ଜୟଦେବ ମିଶ୍ର, ପି-ଗୋବିନ୍ଦ ଦାସ, ଅନିଲ ମିଶ୍ର, ଲୋକନାଥ ମିଶ୍ର, ପି-ଗୋପାଳ ମିଶ୍ର, ସୁମନ୍ତ ମିଶ୍ର, ପି-ଶ୍ରୀଧର ମିଶ୍ର, ରଞ୍ଜିତ ମିଶ୍ର, ପି-ଗୋବିନ୍ଦ ମିଶ୍ର, ସୁଜିତ ମିଶ୍ର, ପି-ଧନଞ୍ଜୟ ମିଶ୍ର, ସୁରେନ୍ଦ୍ର ମିଶ୍ର, ପି-ଜଗନ୍ନାଥ ମିଶ୍ର, ସନ୍ତୋଷ ମିଶ୍ର, ପି-ଭାଗବତ ମିଶ୍ର, ପ୍ରବୀଣ ମିଶ୍ର, ପି-ଶ୍ୟାମସୁନ୍ଦର ମିଶ୍ର, ଗୋବିନ୍ଦ ମିଶ୍ର, ଜାତି-ବ୍ରାହ୍ମଣ, ଗ୍ରା-ନିଜଗାଁ
	ମନିହପୁର	୧୧୨/୦୯୧୭	ସରକାରୀ	ଗୋଡା-୩	୦.୦୫୦	ଆବାଦଯୋଗ୍ୟ ଅନାବାଦି, ସରକାରୀ
	ମନିହପୁର	୧୧୨/୧୦୬୦	ସରକାରୀ	ଗୋଡା-୩	୦.୦୯୦	ଆବାଦଯୋଗ୍ୟ ଅନାବାଦି, ସରକାରୀ
	ମନିହପୁର	୧୧୨/୧୦୫୩	ସରକାରୀ	ଗୋଡା-୩	୦.୦୯୦	ଆବାଦଯୋଗ୍ୟ ଅନାବାଦି, ସରକାରୀ
	ମନିହପୁର	୧୧୨/୧୦୬୫	ସରକାରୀ	ଗୋଡା-୩	୦.୦୩୦	ଆବାଦଯୋଗ୍ୟ ଅନାବାଦି, ସରକାରୀ
	ମନିହପୁର	୮୩	ସରକାରୀ	ଜଙ୍ଗଲ-୨	୦.୦୬୦	ଆବାଦଯୋଗ୍ୟ ଅନାବାଦି, ସରକାରୀ
	ମନିହପୁର	୮୪	ସରକାରୀ	ଜଙ୍ଗଲ-୨	୦.୩୨୦	ଆବାଦଯୋଗ୍ୟ ଅନାବାଦି, ସରକାରୀ
	ମନିହପୁର	୮୮	ସରକାରୀ	ଜଙ୍ଗଲ-୨	୦.୧୫୦	ଆବାଦଯୋଗ୍ୟ ଅନାବାଦି, ସରକାରୀ
	ମନିହପୁର	୧୦୬	ସରକାରୀ	ଗୋଡା-୩	୦.୦୯୦	ଆବାଦଯୋଗ୍ୟ ଅନାବାଦି, ସରକାରୀ
	ମନିହପୁର	୧୧୨	ସରକାରୀ	ଗୋଡା-୩	୦.୦୫୦	ଆବାଦଯୋଗ୍ୟ ଅନାବାଦି, ସରକାରୀ
	ମନିହପୁର	୧୧୪	ସରକାରୀ	ଗୋଡା-୩	୦.୦୫୦	ଆବାଦଯୋଗ୍ୟ ଅନାବାଦି, ସରକାରୀ
	ମନିହପୁର	୧୧୦	ସରକାରୀ	ଗୋଡା-୩	୦.୦୩୦	ଆବାଦଯୋଗ୍ୟ ଅନାବାଦି, ସରକାରୀ
	ମନିହପୁର	୧୧୯	ସରକାରୀ	ଗୋଡା-୩	୦.୦୫୦	ଆବାଦଯୋଗ୍ୟ ଅନାବାଦି, ସରକାରୀ
	ମନିହପୁର	୧୧୧	ସରକାରୀ	ଗୋଡା-୩	୦.୦୫୦	ଆବାଦଯୋଗ୍ୟ ଅନାବାଦି, ସରକାରୀ
	ମନିହପୁର	୧୧୬	ସରକାରୀ	ରାସ୍ତା	୦.୦୫୦	ସର୍ବସାଧାରଣ, ସରକାରୀ
	ମନିହପୁର	୯୬	ସରକାରୀ	ଗ୍ରାମ୍ୟ ଜଙ୍ଗଲ	୧.୫୭୦	ରକ୍ଷିତ, ସରକାରୀ
	ମନିହପୁର	୧୦୮	ସରକାରୀ	ଆଡ଼ି	୦.୦୫୦	ରକ୍ଷିତ, ସରକାରୀ
	ମନିହପୁର	୧୪୨	ସରକାରୀ	ସର୍ବସାଧାରଣ ଗୋଚର	୦.୦୦୦	ରକ୍ଷିତ, ସରକାରୀ
[F.No. NHAI/11013/LA/PIU-Sambalpur, Odisha/NH-42/Notif. (3D)]
MAYA PRAKASH, Deputy Secretary
